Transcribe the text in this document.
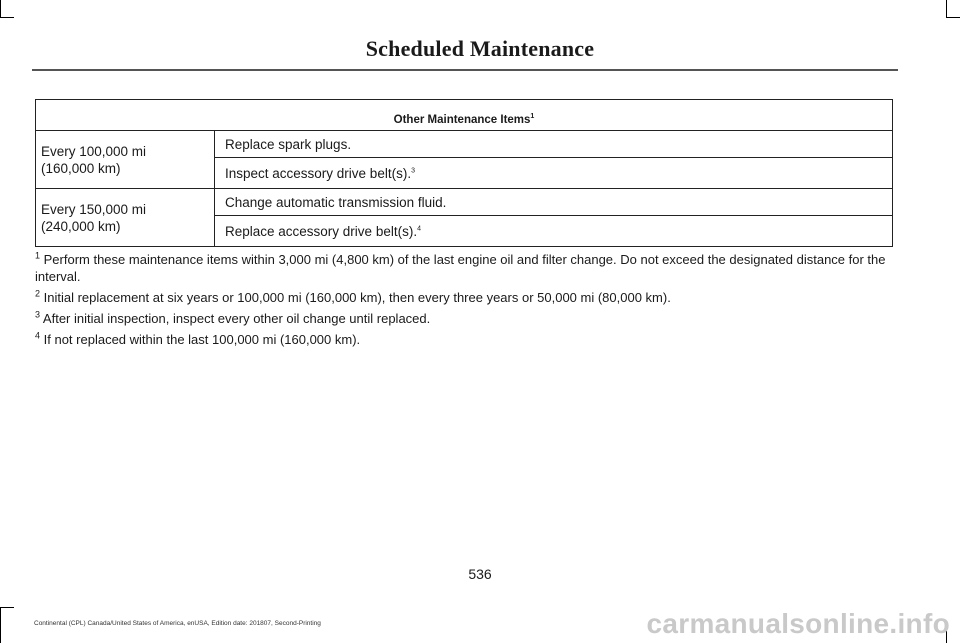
Scheduled Maintenance
Other Maintenance Items$^1$
Every 100,000 mi
(160,000 km)	Replace spark plugs.
	Inspect accessory drive belt(s).$^3$
Every 150,000 mi
(240,000 km)	Change automatic transmission fluid.
	Replace accessory drive belt(s).$^4$

$^1$ Perform these maintenance items within 3,000 mi (4,800 km) of the last engine oil and filter change. Do not exceed the designated distance for the interval.

$^2$ Initial replacement at six years or 100,000 mi (160,000 km), then every three years or 50,000 mi (80,000 km).

$^3$ After initial inspection, inspect every other oil change until replaced.

$^4$ If not replaced within the last 100,000 mi (160,000 km).

536
Continental (CPL) Canada/United States of America, enUSA, Edition date: 201807, Second-Printing	carmanualsonline.info
